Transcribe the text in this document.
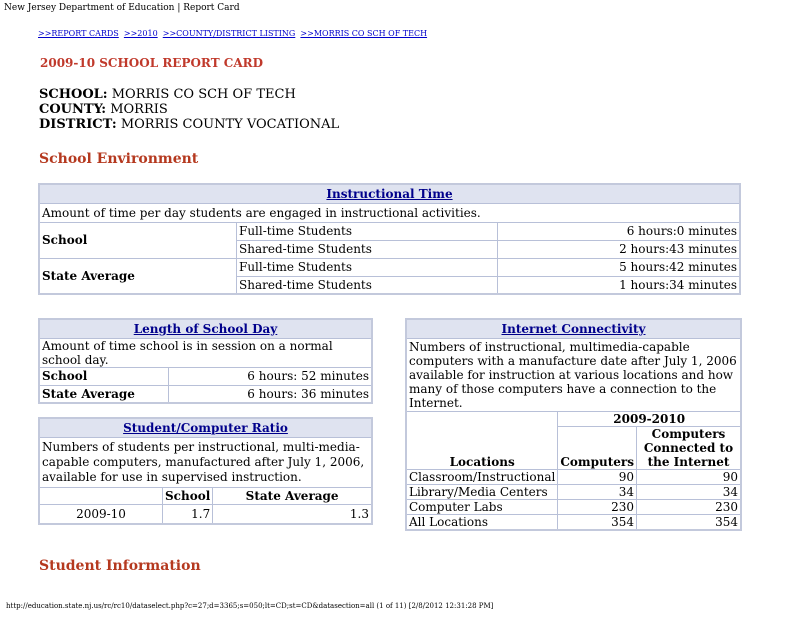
New Jersey Department of Education | Report Card
>>REPORT CARDS >>2010 >>COUNTY/DISTRICT LISTING >>MORRIS CO SCH OF TECH
2009-10 SCHOOL REPORT CARD
SCHOOL: MORRIS CO SCH OF TECH
COUNTY: MORRIS
DISTRICT: MORRIS COUNTY VOCATIONAL
School Environment
Instructional Time		
Amount of time per day students are engaged in instructional activities.		
School	Full-time Students	6 hours:0 minutes
	Shared-time Students	2 hours:43 minutes
State Average	Full-time Students	5 hours:42 minutes
	Shared-time Students	1 hours:34 minutes
Length of School Day	
Amount of time school is in session on a normal school day.	
School	6 hours: 52 minutes
State Average	6 hours: 36 minutes
Student/Computer Ratio		
Numbers of students per instructional, multi-media-capable computers, manufactured after July 1, 2006, available for use in supervised instruction.		
	School	State Average
2009-10	1.7	1.3
Internet Connectivity		
Numbers of instructional, multimedia-capable computers with a manufacture date after July 1, 2006 available for instruction at various locations and how many of those computers have a connection to the Internet.		
Locations	2009-2010	
	Computers	Computers Connected to the Internet
Classroom/Instructional	90	90
Library/Media Centers	34	34
Computer Labs	230	230
All Locations	354	354
Student Information
http://education.state.nj.us/rc/rc10/dataselect.php?c=27;d=3365;s=050;lt=CD;st=CD&datasection=all (1 of 11) [2/8/2012 12:31:28 PM]
